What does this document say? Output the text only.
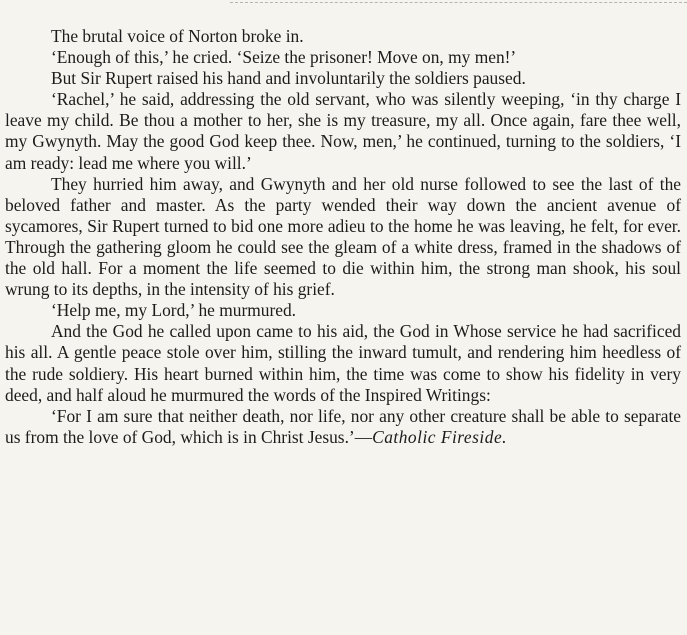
The brutal voice of Norton broke in.

‘Enough of this,’ he cried. ‘Seize the prisoner! Move on, my men!’

But Sir Rupert raised his hand and involuntarily the soldiers paused.

‘Rachel,’ he said, addressing the old servant, who was silently weeping, ‘in thy charge I leave my child. Be thou a mother to her, she is my treasure, my all. Once again, fare thee well, my Gwynyth. May the good God keep thee. Now, men,’ he continued, turning to the soldiers, ‘I am ready: lead me where you will.’

They hurried him away, and Gwynyth and her old nurse followed to see the last of the beloved father and master. As the party wended their way down the ancient avenue of sycamores, Sir Rupert turned to bid one more adieu to the home he was leaving, he felt, for ever. Through the gathering gloom he could see the gleam of a white dress, framed in the shadows of the old hall. For a moment the life seemed to die within him, the strong man shook, his soul wrung to its depths, in the intensity of his grief.

‘Help me, my Lord,’ he murmured.

And the God he called upon came to his aid, the God in Whose service he had sacrificed his all. A gentle peace stole over him, stilling the inward tumult, and rendering him heedless of the rude soldiery. His heart burned within him, the time was come to show his fidelity in very deed, and half aloud he murmured the words of the Inspired Writings:

‘For I am sure that neither death, nor life, nor any other creature shall be able to separate us from the love of God, which is in Christ Jesus.’—Catholic Fireside.
